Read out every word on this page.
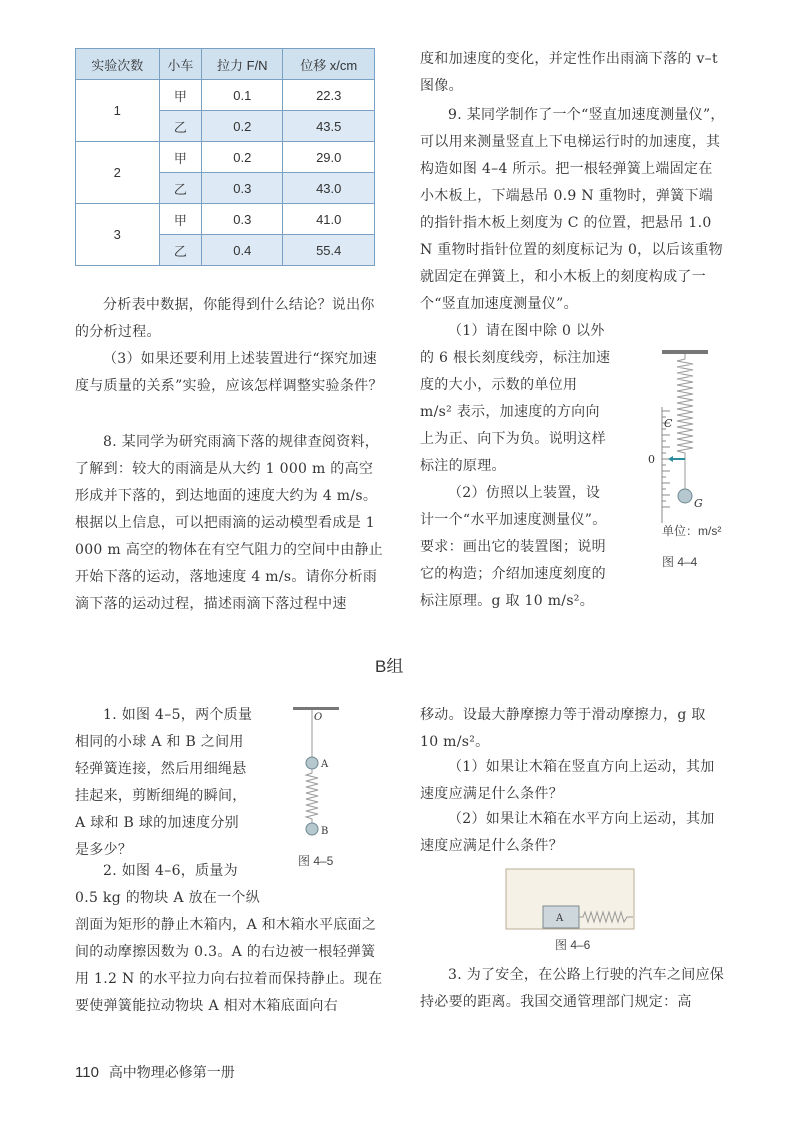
实验次数	小车	拉力 F/N	位移 x/cm
1	甲	0.1	22.3
	乙	0.2	43.5
2	甲	0.2	29.0
	乙	0.3	43.0
3	甲	0.3	41.0
	乙	0.4	55.4

分析表中数据，你能得到什么结论？说出你的分析过程。

（3）如果还要利用上述装置进行“探究加速度与质量的关系”实验，应该怎样调整实验条件？

8. 某同学为研究雨滴下落的规律查阅资料，了解到：较大的雨滴是从大约 1 000 m 的高空形成并下落的，到达地面的速度大约为 4 m/s。根据以上信息，可以把雨滴的运动模型看成是 1 000 m 高空的物体在有空气阻力的空间中由静止开始下落的运动，落地速度 4 m/s。请你分析雨滴下落的运动过程，描述雨滴下落过程中速

度和加速度的变化，并定性作出雨滴下落的 v–t 图像。

9. 某同学制作了一个“竖直加速度测量仪”，可以用来测量竖直上下电梯运行时的加速度，其构造如图 4–4 所示。把一根轻弹簧上端固定在小木板上，下端悬吊 0.9 N 重物时，弹簧下端的指针指木板上刻度为 C 的位置，把悬吊 1.0 N 重物时指针位置的刻度标记为 0，以后该重物就固定在弹簧上，和小木板上的刻度构成了一个“竖直加速度测量仪”。

（1）请在图中除 0 以外的 6 根长刻度线旁，标注加速度的大小，示数的单位用 m/s² 表示，加速度的方向向上为正、向下为负。说明这样标注的原理。

（2）仿照以上装置，设计一个“水平加速度测量仪”。要求：画出它的装置图；说明它的构造；介绍加速度刻度的标注原理。g 取 10 m/s²。

C
0
G
单位：m/s²
图 4–4
B组

1. 如图 4–5，两个质量相同的小球 A 和 B 之间用轻弹簧连接，然后用细绳悬挂起来，剪断细绳的瞬间，A 球和 B 球的加速度分别是多少？

2. 如图 4–6，质量为 0.5 kg 的物块 A 放在一个纵

剖面为矩形的静止木箱内，A 和木箱水平底面之间的动摩擦因数为 0.3。A 的右边被一根轻弹簧用 1.2 N 的水平拉力向右拉着而保持静止。现在要使弹簧能拉动物块 A 相对木箱底面向右

O
A
B
图 4–5

移动。设最大静摩擦力等于滑动摩擦力，g 取 10 m/s²。

（1）如果让木箱在竖直方向上运动，其加速度应满足什么条件？

（2）如果让木箱在水平方向上运动，其加速度应满足什么条件？

A
图 4–6

3. 为了安全，在公路上行驶的汽车之间应保持必要的距离。我国交通管理部门规定：高

110 高中物理必修第一册
